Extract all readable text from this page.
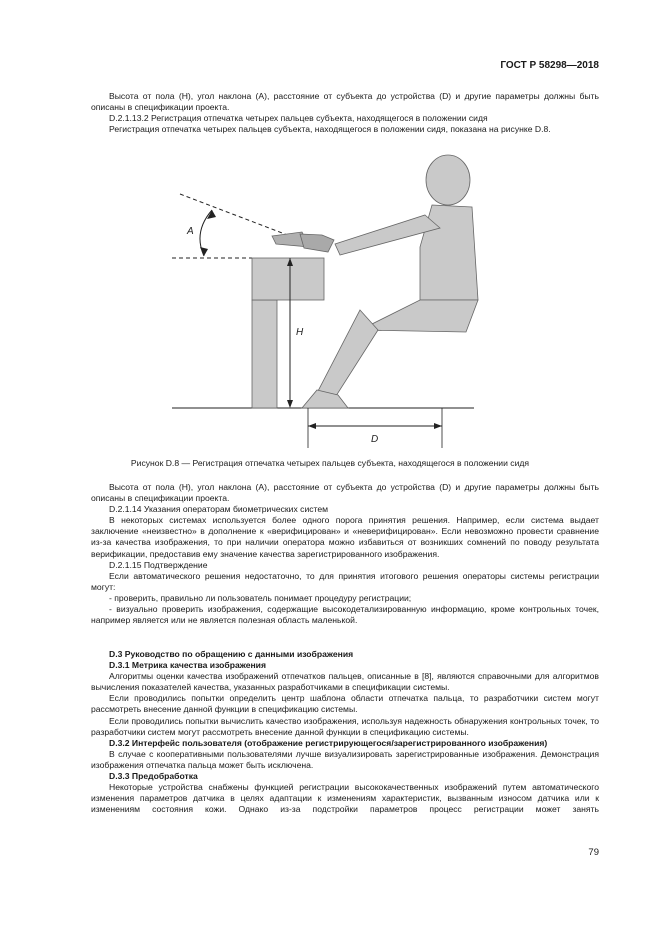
ГОСТ Р 58298—2018

Высота от пола (H), угол наклона (A), расстояние от субъекта до устройства (D) и другие параметры должны быть описаны в спецификации проекта.

D.2.1.13.2 Регистрация отпечатка четырех пальцев субъекта, находящегося в положении сидя

Регистрация отпечатка четырех пальцев субъекта, находящегося в положении сидя, показана на рисунке D.8.

A
H
D
Рисунок D.8 — Регистрация отпечатка четырех пальцев субъекта, находящегося в положении сидя

Высота от пола (H), угол наклона (A), расстояние от субъекта до устройства (D) и другие параметры должны быть описаны в спецификации проекта.

D.2.1.14 Указания операторам биометрических систем

В некоторых системах используется более одного порога принятия решения. Например, если система выдает заключение «неизвестно» в дополнение к «верифицирован» и «неверифицирован». Если невозможно провести сравнение из-за качества изображения, то при наличии оператора можно избавиться от возникших сомнений по поводу результата верификации, предоставив ему значение качества зарегистрированного изображения.

D.2.1.15 Подтверждение

Если автоматического решения недостаточно, то для принятия итогового решения операторы системы регистрации могут:

- проверить, правильно ли пользователь понимает процедуру регистрации;

- визуально проверить изображения, содержащие высокодетализированную информацию, кроме контрольных точек, например является или не является полезная область маленькой.

D.3 Руководство по обращению с данными изображения

D.3.1 Метрика качества изображения

Алгоритмы оценки качества изображений отпечатков пальцев, описанные в [8], являются справочными для алгоритмов вычисления показателей качества, указанных разработчиками в спецификации системы.

Если проводились попытки определить центр шаблона области отпечатка пальца, то разработчики систем могут рассмотреть внесение данной функции в спецификацию системы.

Если проводились попытки вычислить качество изображения, используя надежность обнаружения контрольных точек, то разработчики систем могут рассмотреть внесение данной функции в спецификацию системы.

D.3.2 Интерфейс пользователя (отображение регистрирующегося/зарегистрированного изображения)

В случае с кооперативными пользователями лучше визуализировать зарегистрированные изображения. Демонстрация изображения отпечатка пальца может быть исключена.

D.3.3 Предобработка

Некоторые устройства снабжены функцией регистрации высококачественных изображений путем автоматического изменения параметров датчика в целях адаптации к изменениям характеристик, вызванным износом датчика или к изменениям состояния кожи. Однако из-за подстройки параметров процесс регистрации может занять

79
